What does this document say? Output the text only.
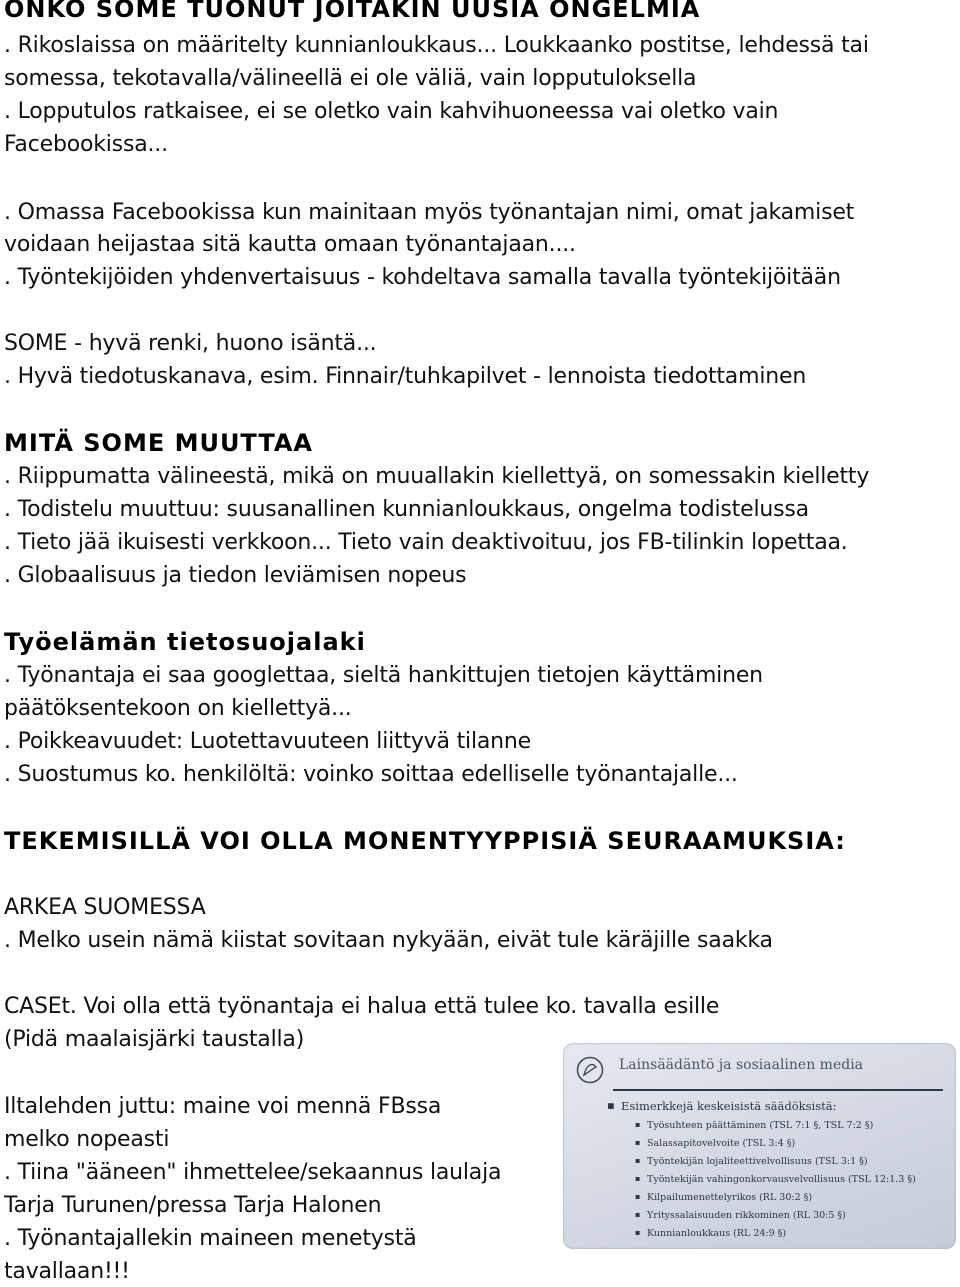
ONKO SOME TUONUT JOITAKIN UUSIA ONGELMIA
. Rikoslaissa on määritelty kunnianloukkaus... Loukkaanko postitse, lehdessä tai
somessa, tekotavalla/välineellä ei ole väliä, vain lopputuloksella
. Lopputulos ratkaisee, ei se oletko vain kahvihuoneessa vai oletko vain
Facebookissa...
. Omassa Facebookissa kun mainitaan myös työnantajan nimi, omat jakamiset
voidaan heijastaa sitä kautta omaan työnantajaan....
. Työntekijöiden yhdenvertaisuus - kohdeltava samalla tavalla työntekijöitään
SOME - hyvä renki, huono isäntä...
. Hyvä tiedotuskanava, esim. Finnair/tuhkapilvet - lennoista tiedottaminen
MITÄ SOME MUUTTAA
. Riippumatta välineestä, mikä on muuallakin kiellettyä, on somessakin kielletty
. Todistelu muuttuu: suusanallinen kunnianloukkaus, ongelma todistelussa
. Tieto jää ikuisesti verkkoon... Tieto vain deaktivoituu, jos FB-tilinkin lopettaa.
. Globaalisuus ja tiedon leviämisen nopeus
Työelämän tietosuojalaki
. Työnantaja ei saa googlettaa, sieltä hankittujen tietojen käyttäminen
päätöksentekoon on kiellettyä...
. Poikkeavuudet: Luotettavuuteen liittyvä tilanne
. Suostumus ko. henkilöltä: voinko soittaa edelliselle työnantajalle...
TEKEMISILLÄ VOI OLLA MONENTYYPPISIÄ SEURAAMUKSIA:
ARKEA SUOMESSA
. Melko usein nämä kiistat sovitaan nykyään, eivät tule käräjille saakka
CASEt. Voi olla että työnantaja ei halua että tulee ko. tavalla esille
(Pidä maalaisjärki taustalla)
Iltalehden juttu: maine voi mennä FBssa
melko nopeasti
. Tiina "ääneen" ihmettelee/sekaannus laulaja
Tarja Turunen/pressa Tarja Halonen
. Työnantajallekin maineen menetystä
tavallaan!!!
Lainsäädäntö ja sosiaalinen media
▪ Esimerkkejä keskeisistä säädöksistä:
▪ Työsuhteen päättäminen (TSL 7:1 §, TSL 7:2 §)
▪ Salassapitovelvoite (TSL 3:4 §)
▪ Työntekijän lojaliteettivelvollisuus (TSL 3:1 §)
▪ Työntekijän vahingonkorvausvelvollisuus (TSL 12:1.3 §)
▪ Kilpailumenettelyrikos (RL 30:2 §)
▪ Yrityssalaisuuden rikkominen (RL 30:5 §)
▪ Kunnianloukkaus (RL 24:9 §)
